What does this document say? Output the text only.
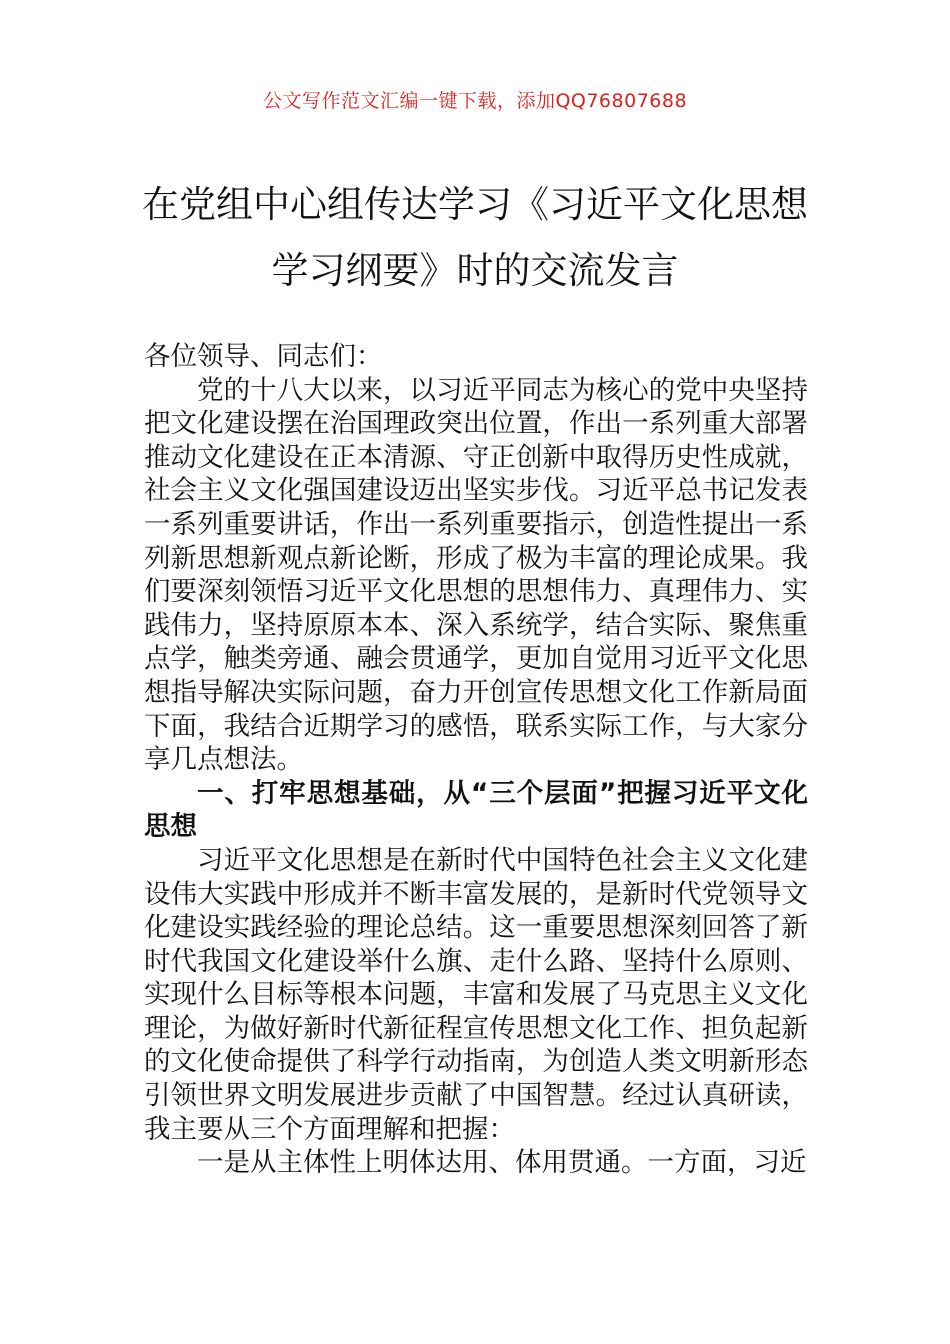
公文写作范文汇编一键下载，添加QQ76807688
在党组中心组传达学习《习近平文化思想
学习纲要》时的交流发言

各位领导、同志们：

党的十八大以来，以习近平同志为核心的党中央坚持把文化建设摆在治国理政突出位置，作出一系列重大部署推动文化建设在正本清源、守正创新中取得历史性成就，社会主义文化强国建设迈出坚实步伐。习近平总书记发表一系列重要讲话，作出一系列重要指示，创造性提出一系列新思想新观点新论断，形成了极为丰富的理论成果。我们要深刻领悟习近平文化思想的思想伟力、真理伟力、实践伟力，坚持原原本本、深入系统学，结合实际、聚焦重点学，触类旁通、融会贯通学，更加自觉用习近平文化思想指导解决实际问题，奋力开创宣传思想文化工作新局面下面，我结合近期学习的感悟，联系实际工作，与大家分享几点想法。

一、打牢思想基础，从“三个层面”把握习近平文化思想

习近平文化思想是在新时代中国特色社会主义文化建设伟大实践中形成并不断丰富发展的，是新时代党领导文化建设实践经验的理论总结。这一重要思想深刻回答了新时代我国文化建设举什么旗、走什么路、坚持什么原则、实现什么目标等根本问题，丰富和发展了马克思主义文化理论，为做好新时代新征程宣传思想文化工作、担负起新的文化使命提供了科学行动指南，为创造人类文明新形态引领世界文明发展进步贡献了中国智慧。经过认真研读，我主要从三个方面理解和把握：

一是从主体性上明体达用、体用贯通。一方面，习近
